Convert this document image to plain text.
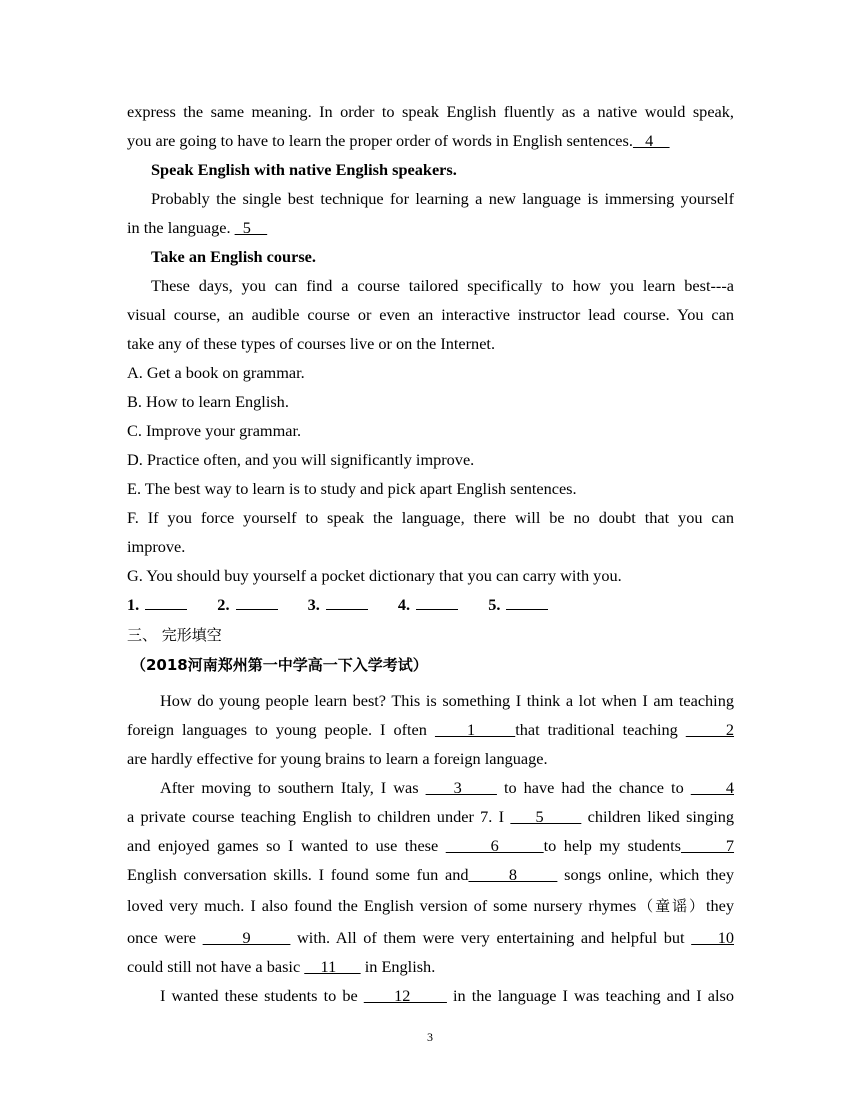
express the same meaning. In order to speak English fluently as a native would speak,
you are going to have to learn the proper order of words in English sentences.   4
Speak English with native English speakers.
Probably the single best technique for learning a new language is immersing yourself
in the language.   5
Take an English course.
These days, you can find a course tailored specifically to how you learn best---a
visual course, an audible course or even an interactive instructor lead course. You can
take any of these types of courses live or on the Internet.
A. Get a book on grammar.
B. How to learn English.
C. Improve your grammar.
D. Practice often, and you will significantly improve.
E. The best way to learn is to study and pick apart English sentences.
F. If you force yourself to speak the language, there will be no doubt that you can
improve.
G. You should buy yourself a pocket dictionary that you can carry with you.
1.	2.	3.	4.	5.
三、 完形填空
（2018河南郑州第一中学高一下入学考试）
How do young people learn best? This is something I think a lot when I am teaching
foreign languages to young people. I often     1     that traditional teaching      2
are hardly effective for young brains to learn a foreign language.
After moving to southern Italy, I was     3      to have had the chance to      4
a private course teaching English to children under 7. I     5       children liked singing
and enjoyed games so I wanted to use these       6      to help my students      7
English conversation skills. I found some fun and      8       songs online, which they
loved very much. I also found the English version of some nursery rhymes（童谣）they
once were       9       with. All of them were very entertaining and helpful but     10
could still not have a basic     11       in English.
I wanted these students to be      12       in the language I was teaching and I also
3
